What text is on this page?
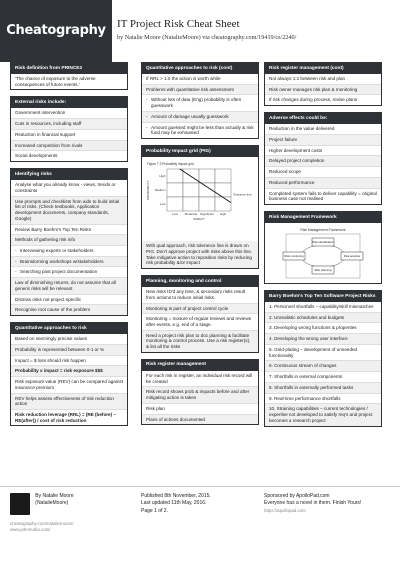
Cheatography IT Project Risk Cheat Sheet
by Natalie Moore (NatalieMoore) via cheatography.com/19419/cs/2240/
Risk definition from PRINCE2
'The chance of exposure to the adverse consequences of future events.'
External risks include:
Government intervention
Cuts in resources, including staff
Reduction in financial support
Increased competition from rivals
Social developments
Identifying risks
Analyse what you already know - views, trends or constraints
Use prompts and checklists from aids to build initial list of risks. (Check textbooks, Application development documents, company standards, Google)
Review Barry Boehm's Top Ten Risks
Methods of gathering risk info
- Interviewing experts or stakeholders
- Brainstorming workshops w/stakeholders
- Searching past project documentation
Law of diminishing returns, do not assume that all generic risks will be relevant
Dismiss risks not project specific
Recognise root cause of the problem
Quantitative approaches to risk
Based on seemingly precise values
Probability is represented between 0-1 or %
Impact = $ loss should risk happen
Probability x impact = risk exposure $$$
Risk exposure value (REV) can be compared against insurance premium
REV helps assess effectiveness of risk reduction action
Risk reduction leverage (RRL) = (RE (before) – RE(after)) / cost of risk reduction
Quantitative approaches to risk (cont)
If RRL > 1.0 the action is worth while
Problems with quantitative risk assessment
- Without lots of data (Eng) probability is often guesswork
- Amount of damage usually guesswork
- Amount guessed might be less than actually & risk fund may be exhausted
Probability Impact grid (PIG)
Figure 7.3 Probability impact grid
High
Medium
Low
Low Moderate Significant High
PROBABILITY
IMPACT
Tolerance line
With qual approach, risk tolerance line is drawn on PIG. Don't approve project with risks above this line. Take mitigative action to reposition risks by reducing risk probability &/or impact
Planning, monitoring and control
New risks ID'd any time, & secondary risks result from actions to reduce initial risks.
Monitoring is part of project control cycle
Monitoring = mixture of regular reviews and reviews after events, e.g. end of a stage.
Need a project risk plan to doc planning & facilitate monitoring & control process. Use a risk register(s), & list all the risks
Risk register management
For each risk in register, an individual risk record will be created
Risk record shows prob & impacts before and after mitigating action is taken
Risk plan
Plans of actions documented
Risk register management (cont)
Not always 1:1 between risk and plan
Risk owner manages risk plan & monitoring
If risk changes during process, revise plans
Adverse effects could be:
Reduction in the value delivered
Project failure
Higher development costs
Delayed project completion
Reduced scope
Reduced performance
Completed system fails to deliver capability = original business case not realised
Risk Management Framework
Risk Management Framework
Risk identification
Risk analysis
Risk planning
Risk monitoring
Barry Boehm's Top Ten Software Project Risks
1. Personnel shortfalls – capability/skill mismatches
2. Unrealistic schedules and budgets
3. Developing wrong functions & properties
4. Developing the wrong user interface
5. Gold-plating – development of unneeded functionality
6. Continuous stream of changes
7. Shortfalls in external components
8. Shortfalls in externally performed tasks
9. Real-time performance shortfalls
10. Straining capabilities – current technologies / expertise not developed to satisfy req's and project becomes a research project
By Natalie Moore
(NatalieMoore)
cheatography.com/nataliemoore/
www.johnmaha.com/
Published 8th November, 2015.
Last updated 11th May, 2016.
Page 1 of 2.
Sponsored by ApolloPad.com
Everyone has a novel in them. Finish Yours!
https://apollopad.com
